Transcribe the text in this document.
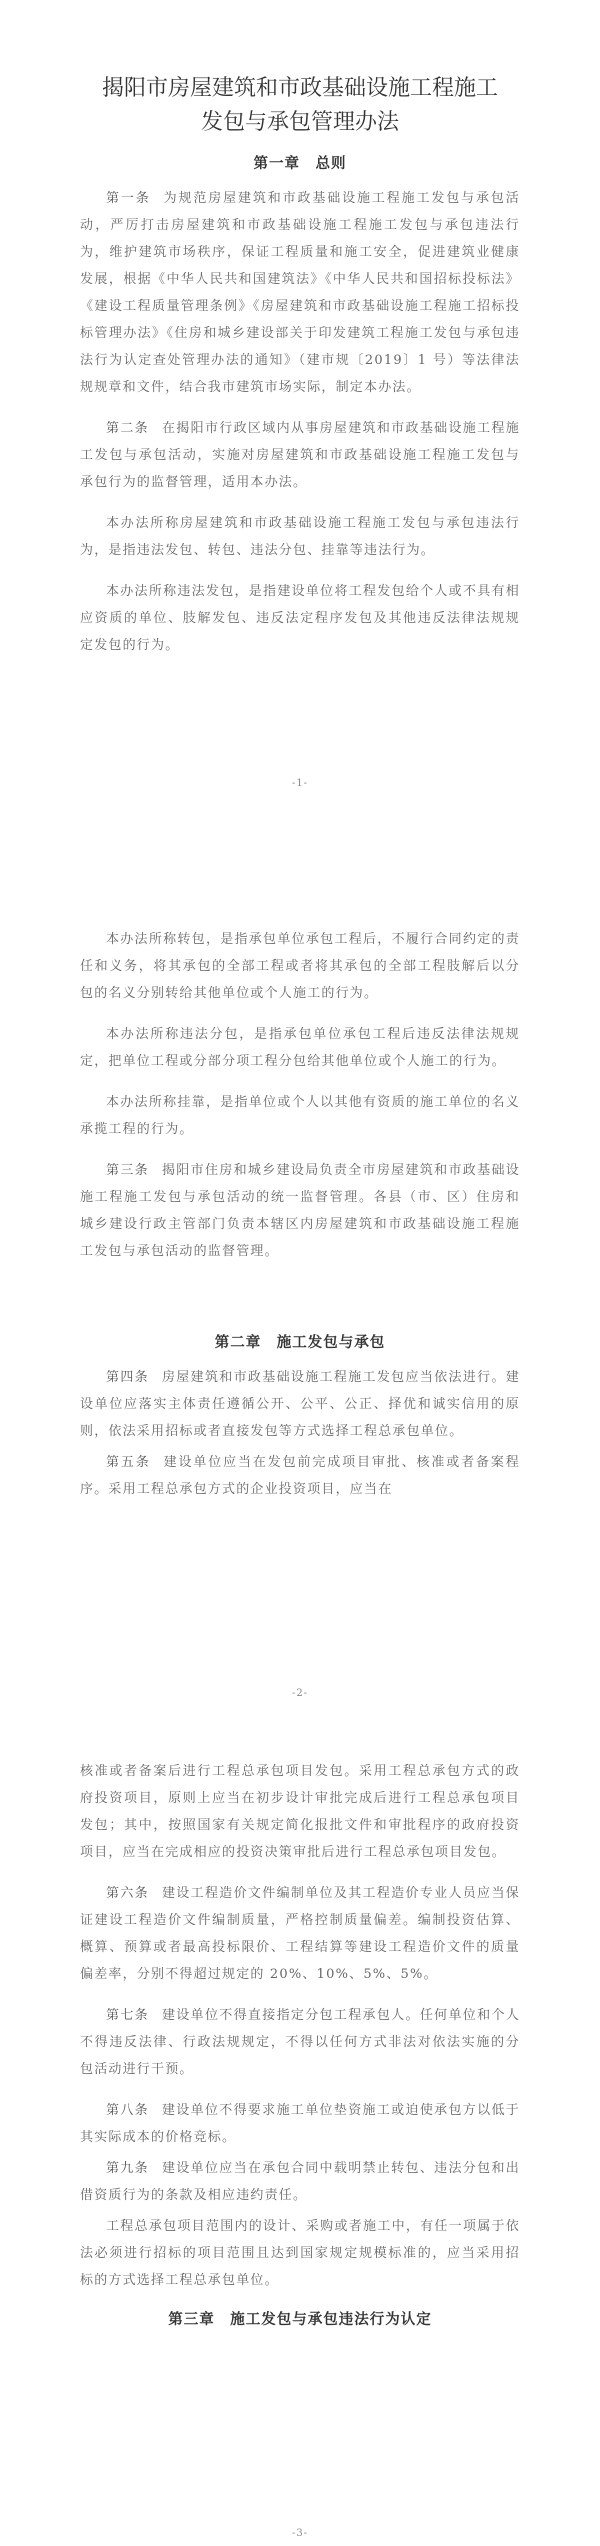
揭阳市房屋建筑和市政基础设施工程施工
发包与承包管理办法
第一章　总则

第一条 为规范房屋建筑和市政基础设施工程施工发包与承包活动，严厉打击房屋建筑和市政基础设施工程施工发包与承包违法行为，维护建筑市场秩序，保证工程质量和施工安全，促进建筑业健康发展，根据《中华人民共和国建筑法》《中华人民共和国招标投标法》《建设工程质量管理条例》《房屋建筑和市政基础设施工程施工招标投标管理办法》《住房和城乡建设部关于印发建筑工程施工发包与承包违法行为认定查处管理办法的通知》（建市规〔2019〕1 号）等法律法规规章和文件，结合我市建筑市场实际，制定本办法。

第二条 在揭阳市行政区域内从事房屋建筑和市政基础设施工程施工发包与承包活动，实施对房屋建筑和市政基础设施工程施工发包与承包行为的监督管理，适用本办法。

本办法所称房屋建筑和市政基础设施工程施工发包与承包违法行为，是指违法发包、转包、违法分包、挂靠等违法行为。

本办法所称违法发包，是指建设单位将工程发包给个人或不具有相应资质的单位、肢解发包、违反法定程序发包及其他违反法律法规规定发包的行为。

-1-

本办法所称转包，是指承包单位承包工程后，不履行合同约定的责任和义务，将其承包的全部工程或者将其承包的全部工程肢解后以分包的名义分别转给其他单位或个人施工的行为。

本办法所称违法分包，是指承包单位承包工程后违反法律法规规定，把单位工程或分部分项工程分包给其他单位或个人施工的行为。

本办法所称挂靠，是指单位或个人以其他有资质的施工单位的名义承揽工程的行为。

第三条 揭阳市住房和城乡建设局负责全市房屋建筑和市政基础设施工程施工发包与承包活动的统一监督管理。各县（市、区）住房和城乡建设行政主管部门负责本辖区内房屋建筑和市政基础设施工程施工发包与承包活动的监督管理。

第二章　施工发包与承包

第四条 房屋建筑和市政基础设施工程施工发包应当依法进行。建设单位应落实主体责任遵循公开、公平、公正、择优和诚实信用的原则，依法采用招标或者直接发包等方式选择工程总承包单位。

第五条 建设单位应当在发包前完成项目审批、核准或者备案程序。采用工程总承包方式的企业投资项目，应当在

-2-

核准或者备案后进行工程总承包项目发包。采用工程总承包方式的政府投资项目，原则上应当在初步设计审批完成后进行工程总承包项目发包；其中，按照国家有关规定简化报批文件和审批程序的政府投资项目，应当在完成相应的投资决策审批后进行工程总承包项目发包。

第六条 建设工程造价文件编制单位及其工程造价专业人员应当保证建设工程造价文件编制质量，严格控制质量偏差。编制投资估算、概算、预算或者最高投标限价、工程结算等建设工程造价文件的质量偏差率，分别不得超过规定的 20%、10%、5%、5%。

第七条 建设单位不得直接指定分包工程承包人。任何单位和个人不得违反法律、行政法规规定，不得以任何方式非法对依法实施的分包活动进行干预。

第八条 建设单位不得要求施工单位垫资施工或迫使承包方以低于其实际成本的价格竞标。

第九条 建设单位应当在承包合同中载明禁止转包、违法分包和出借资质行为的条款及相应违约责任。

工程总承包项目范围内的设计、采购或者施工中，有任一项属于依法必须进行招标的项目范围且达到国家规定规模标准的，应当采用招标的方式选择工程总承包单位。

第三章　施工发包与承包违法行为认定
-3-
